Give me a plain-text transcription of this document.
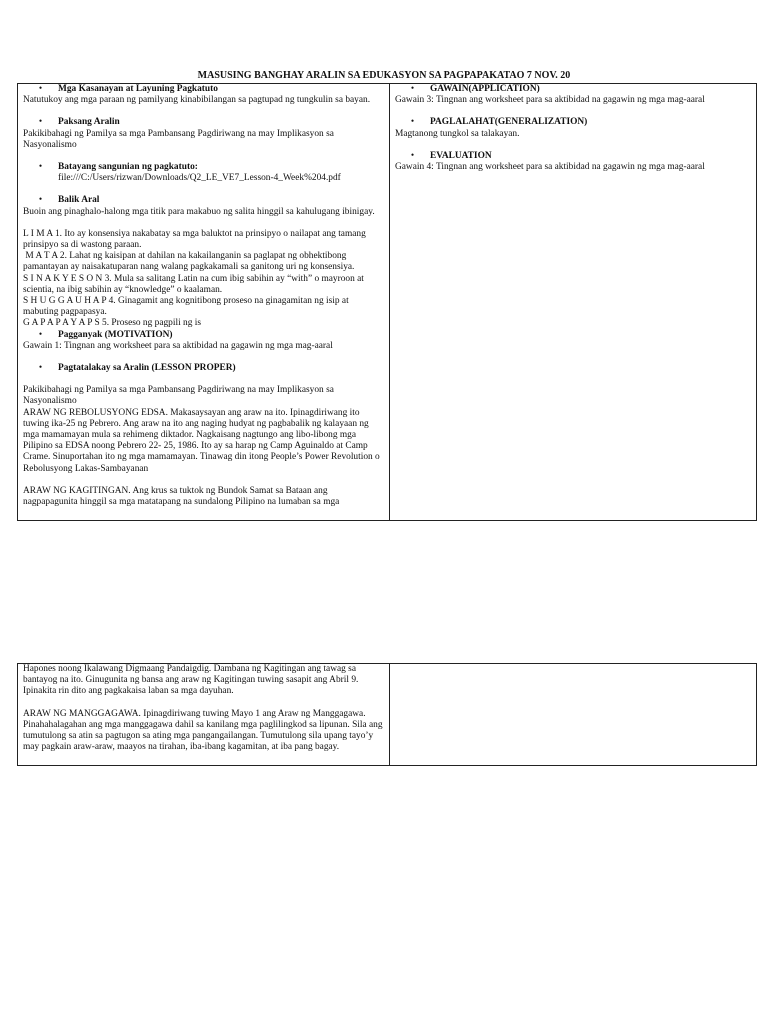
MASUSING BANGHAY ARALIN SA EDUKASYON SA PAGPAPAKATAO 7 NOV. 20
•	Mga Kasanayan at Layuning Pagkatuto

Natutukoy ang mga paraan ng pamilyang kinabibilangan sa pagtupad ng tungkulin sa bayan.

•	Paksang Aralin

Pakikibahagi ng Pamilya sa mga Pambansang Pagdiriwang na may Implikasyon sa Nasyonalismo

•	Batayang sangunian ng pagkatuto:

file:///C:/Users/rizwan/Downloads/Q2_LE_VE7_Lesson-4_Week%204.pdf

•	Balik Aral

Buoin ang pinaghalo-halong mga titik para makabuo ng salita hinggil sa kahulugang ibinigay.

L I M A 1. Ito ay konsensiya nakabatay sa mga baluktot na prinsipyo o nailapat ang tamang prinsipyo sa di wastong paraan.

M A T A 2. Lahat ng kaisipan at dahilan na kakailanganin sa paglapat ng obhektibong pamantayan ay naisakatuparan nang walang pagkakamali sa ganitong uri ng konsensiya.

S I N A K Y E S O N 3. Mula sa salitang Latin na cum ibig sabihin ay “with” o mayroon at scientia, na ibig sabihin ay “knowledge” o kaalaman.

S H U G G A U H A P 4. Ginagamit ang kognitibong proseso na ginagamitan ng isip at mabuting pagpapasya.

G A P A P A Y A P S 5. Proseso ng pagpili ng is

•	Pagganyak (MOTIVATION)

Gawain 1: Tingnan ang worksheet para sa aktibidad na gagawin ng mga mag-aaral

•	Pagtatalakay sa Aralin (LESSON PROPER)

Pakikibahagi ng Pamilya sa mga Pambansang Pagdiriwang na may Implikasyon sa Nasyonalismo

ARAW NG REBOLUSYONG EDSA. Makasaysayan ang araw na ito. Ipinagdiriwang ito tuwing ika-25 ng Pebrero. Ang araw na ito ang naging hudyat ng pagbabalik ng kalayaan ng mga mamamayan mula sa rehimeng diktador. Nagkaisang nagtungo ang libo-libong mga Pilipino sa EDSA noong Pebrero 22- 25, 1986. Ito ay sa harap ng Camp Aguinaldo at Camp Crame. Sinuportahan ito ng mga mamamayan. Tinawag din itong People’s Power Revolution o Rebolusyong Lakas-Sambayanan

ARAW NG KAGITINGAN. Ang krus sa tuktok ng Bundok Samat sa Bataan ang nagpapagunita hinggil sa mga matatapang na sundalong Pilipino na lumaban sa mga

•	GAWAIN(APPLICATION)

Gawain 3: Tingnan ang worksheet para sa aktibidad na gagawin ng mga mag-aaral

•	PAGLALAHAT(GENERALIZATION)

Magtanong tungkol sa talakayan.

•	EVALUATION

Gawain 4: Tingnan ang worksheet para sa aktibidad na gagawin ng mga mag-aaral

Hapones noong Ikalawang Digmaang Pandaigdig. Dambana ng Kagitingan ang tawag sa bantayog na ito. Ginugunita ng bansa ang araw ng Kagitingan tuwing sasapit ang Abril 9. Ipinakita rin dito ang pagkakaisa laban sa mga dayuhan.

ARAW NG MANGGAGAWA. Ipinagdiriwang tuwing Mayo 1 ang Araw ng Manggagawa. Pinahahalagahan ang mga manggagawa dahil sa kanilang mga paglilingkod sa lipunan. Sila ang tumutulong sa atin sa pagtugon sa ating mga pangangailangan. Tumutulong sila upang tayo’y may pagkain araw-araw, maayos na tirahan, iba-ibang kagamitan, at iba pang bagay.
